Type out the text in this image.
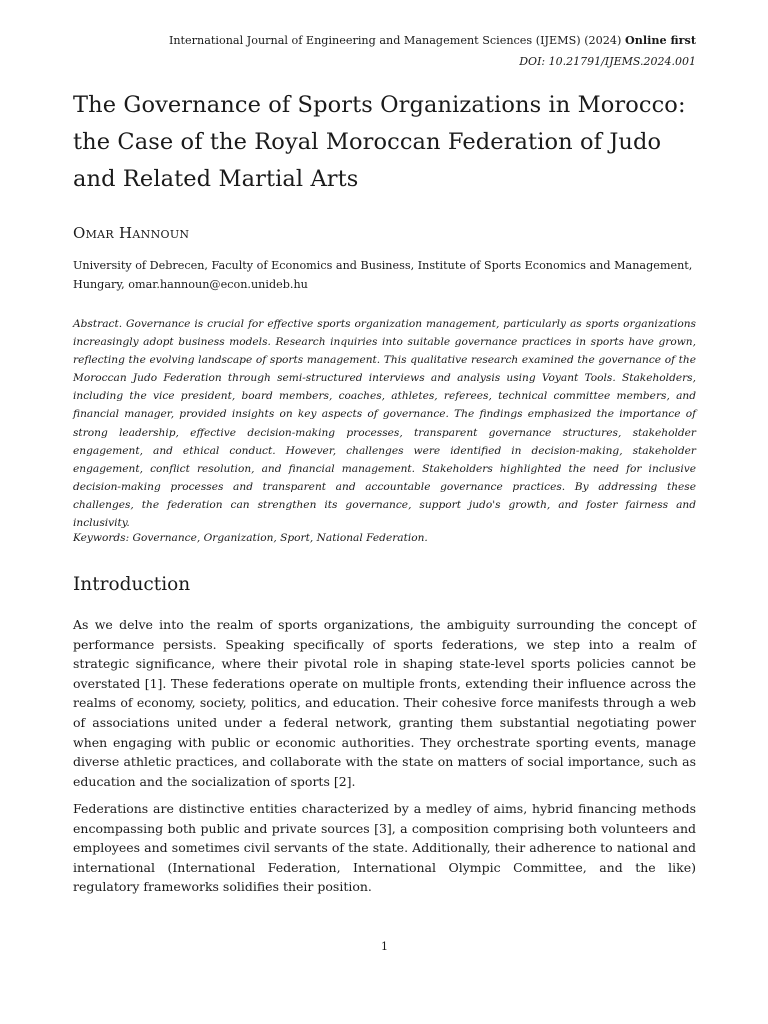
International Journal of Engineering and Management Sciences (IJEMS) (2024) Online first
DOI: 10.21791/IJEMS.2024.001
The Governance of Sports Organizations in Morocco: the Case of the Royal Moroccan Federation of Judo and Related Martial Arts
Omar Hannoun
University of Debrecen, Faculty of Economics and Business, Institute of Sports Economics and Management, Hungary, omar.hannoun@econ.unideb.hu

Abstract. Governance is crucial for effective sports organization management, particularly as sports organizations increasingly adopt business models. Research inquiries into suitable governance practices in sports have grown, reflecting the evolving landscape of sports management. This qualitative research examined the governance of the Moroccan Judo Federation through semi-structured interviews and analysis using Voyant Tools. Stakeholders, including the vice president, board members, coaches, athletes, referees, technical committee members, and financial manager, provided insights on key aspects of governance. The findings emphasized the importance of strong leadership, effective decision-making processes, transparent governance structures, stakeholder engagement, and ethical conduct. However, challenges were identified in decision-making, stakeholder engagement, conflict resolution, and financial management. Stakeholders highlighted the need for inclusive decision-making processes and transparent and accountable governance practices. By addressing these challenges, the federation can strengthen its governance, support judo's growth, and foster fairness and inclusivity.

Keywords: Governance, Organization, Sport, National Federation.
Introduction

As we delve into the realm of sports organizations, the ambiguity surrounding the concept of performance persists. Speaking specifically of sports federations, we step into a realm of strategic significance, where their pivotal role in shaping state-level sports policies cannot be overstated [1]. These federations operate on multiple fronts, extending their influence across the realms of economy, society, politics, and education. Their cohesive force manifests through a web of associations united under a federal network, granting them substantial negotiating power when engaging with public or economic authorities. They orchestrate sporting events, manage diverse athletic practices, and collaborate with the state on matters of social importance, such as education and the socialization of sports [2].

Federations are distinctive entities characterized by a medley of aims, hybrid financing methods encompassing both public and private sources [3], a composition comprising both volunteers and employees and sometimes civil servants of the state. Additionally, their adherence to national and international (International Federation, International Olympic Committee, and the like) regulatory frameworks solidifies their position.

1
